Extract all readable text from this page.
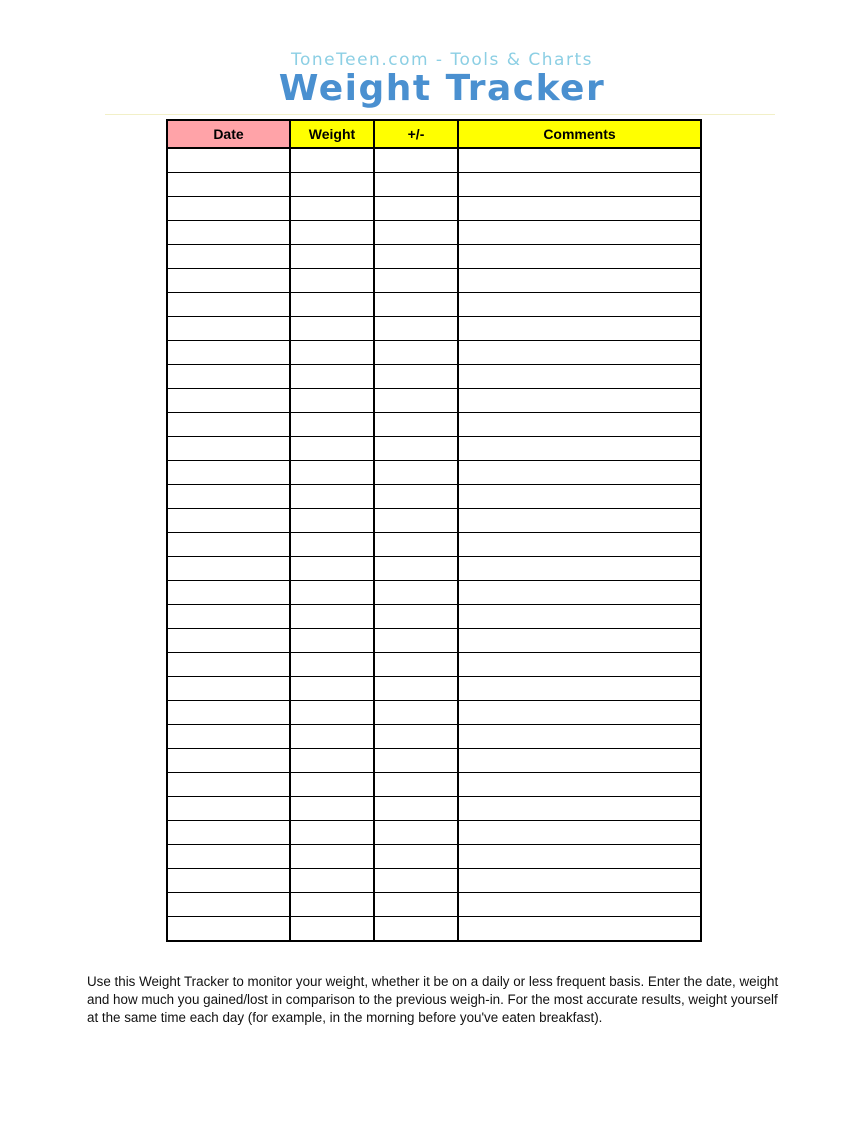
ToneTeen.com - Tools & Charts
Weight Tracker
Date	Weight	+/-	Comments

Use this Weight Tracker to monitor your weight, whether it be on a daily or less frequent basis. Enter the date, weight and how much you gained/lost in comparison to the previous weigh-in. For the most accurate results, weight yourself at the same time each day (for example, in the morning before you've eaten breakfast).
